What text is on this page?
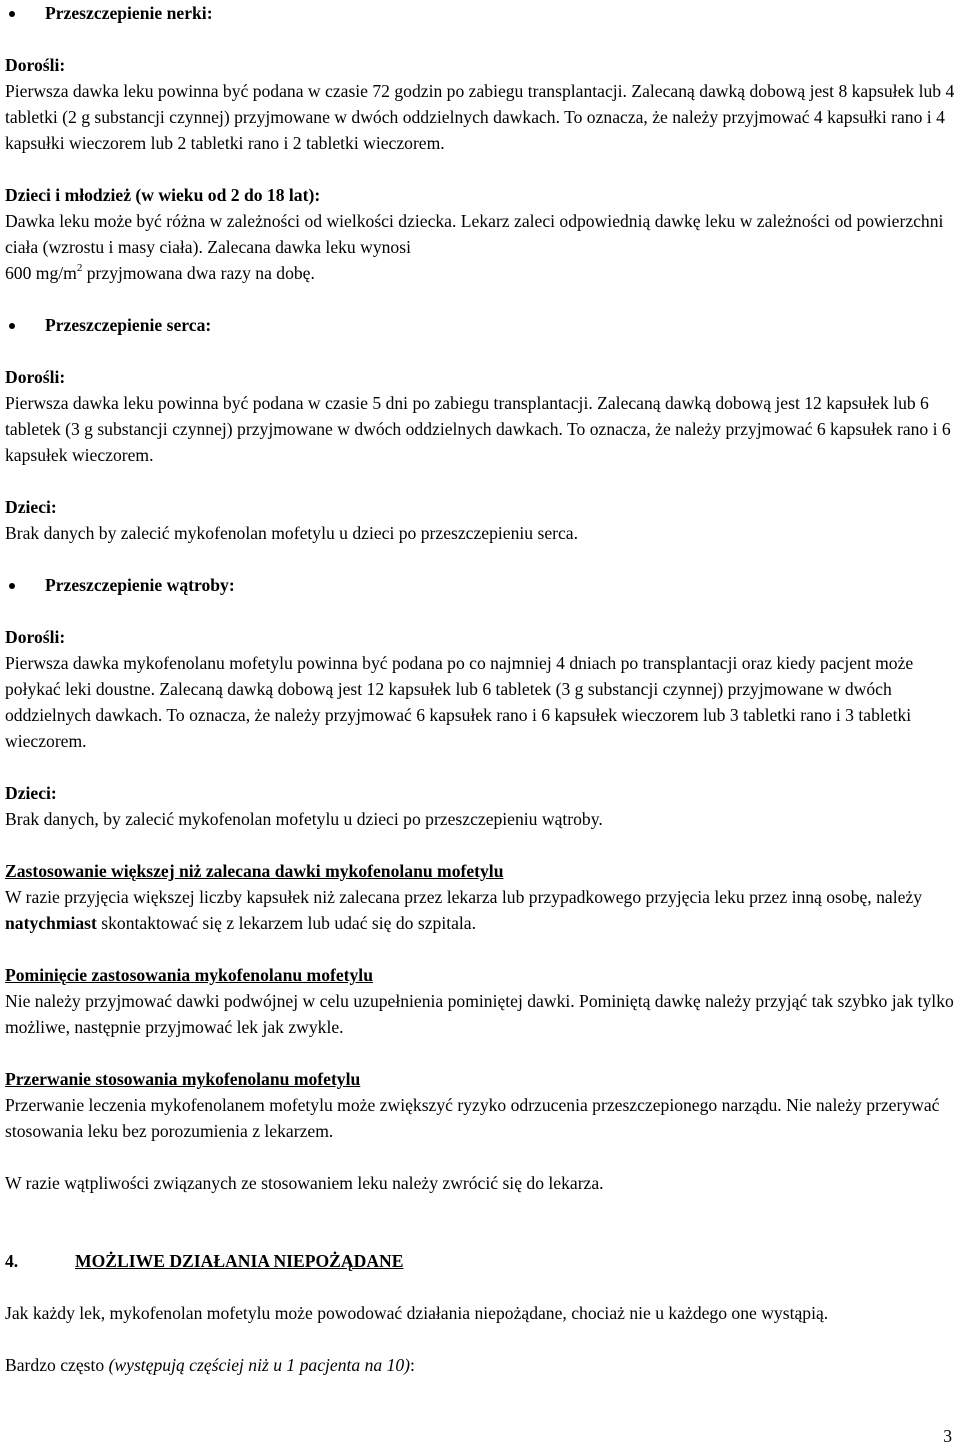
Przeszczepienie nerki:

Dorośli:

Pierwsza dawka leku powinna być podana w czasie 72 godzin po zabiegu transplantacji. Zalecaną dawką dobową jest 8 kapsułek lub 4 tabletki (2 g substancji czynnej) przyjmowane w dwóch oddzielnych dawkach. To oznacza, że należy przyjmować 4 kapsułki rano i 4 kapsułki wieczorem lub 2 tabletki rano i 2 tabletki wieczorem.

Dzieci i młodzież (w wieku od 2 do 18 lat):

Dawka leku może być różna w zależności od wielkości dziecka. Lekarz zaleci odpowiednią dawkę leku w zależności od powierzchni ciała (wzrostu i masy ciała). Zalecana dawka leku wynosi

600 $mg/m^2$ przyjmowana dwa razy na dobę.

Przeszczepienie serca:

Dorośli:

Pierwsza dawka leku powinna być podana w czasie 5 dni po zabiegu transplantacji. Zalecaną dawką dobową jest 12 kapsułek lub 6 tabletek (3 g substancji czynnej) przyjmowane w dwóch oddzielnych dawkach. To oznacza, że należy przyjmować 6 kapsułek rano i 6 kapsułek wieczorem.

Dzieci:

Brak danych by zalecić mykofenolan mofetylu u dzieci po przeszczepieniu serca.

Przeszczepienie wątroby:

Dorośli:

Pierwsza dawka mykofenolanu mofetylu powinna być podana po co najmniej 4 dniach po transplantacji oraz kiedy pacjent może połykać leki doustne. Zalecaną dawką dobową jest 12 kapsułek lub 6 tabletek (3 g substancji czynnej) przyjmowane w dwóch oddzielnych dawkach. To oznacza, że należy przyjmować 6 kapsułek rano i 6 kapsułek wieczorem lub 3 tabletki rano i 3 tabletki wieczorem.

Dzieci:

Brak danych, by zalecić mykofenolan mofetylu u dzieci po przeszczepieniu wątroby.

Zastosowanie większej niż zalecana dawki mykofenolanu mofetylu

W razie przyjęcia większej liczby kapsułek niż zalecana przez lekarza lub przypadkowego przyjęcia leku przez inną osobę, należy natychmiast skontaktować się z lekarzem lub udać się do szpitala.

Pominięcie zastosowania mykofenolanu mofetylu

Nie należy przyjmować dawki podwójnej w celu uzupełnienia pominiętej dawki. Pominiętą dawkę należy przyjąć tak szybko jak tylko możliwe, następnie przyjmować lek jak zwykle.

Przerwanie stosowania mykofenolanu mofetylu

Przerwanie leczenia mykofenolanem mofetylu może zwiększyć ryzyko odrzucenia przeszczepionego narządu. Nie należy przerywać stosowania leku bez porozumienia z lekarzem.

W razie wątpliwości związanych ze stosowaniem leku należy zwrócić się do lekarza.

4.	MOŻLIWE DZIAŁANIA NIEPOŻĄDANE

Jak każdy lek, mykofenolan mofetylu może powodować działania niepożądane, chociaż nie u każdego one wystąpią.

Bardzo często (występują częściej niż u 1 pacjenta na 10):

3
